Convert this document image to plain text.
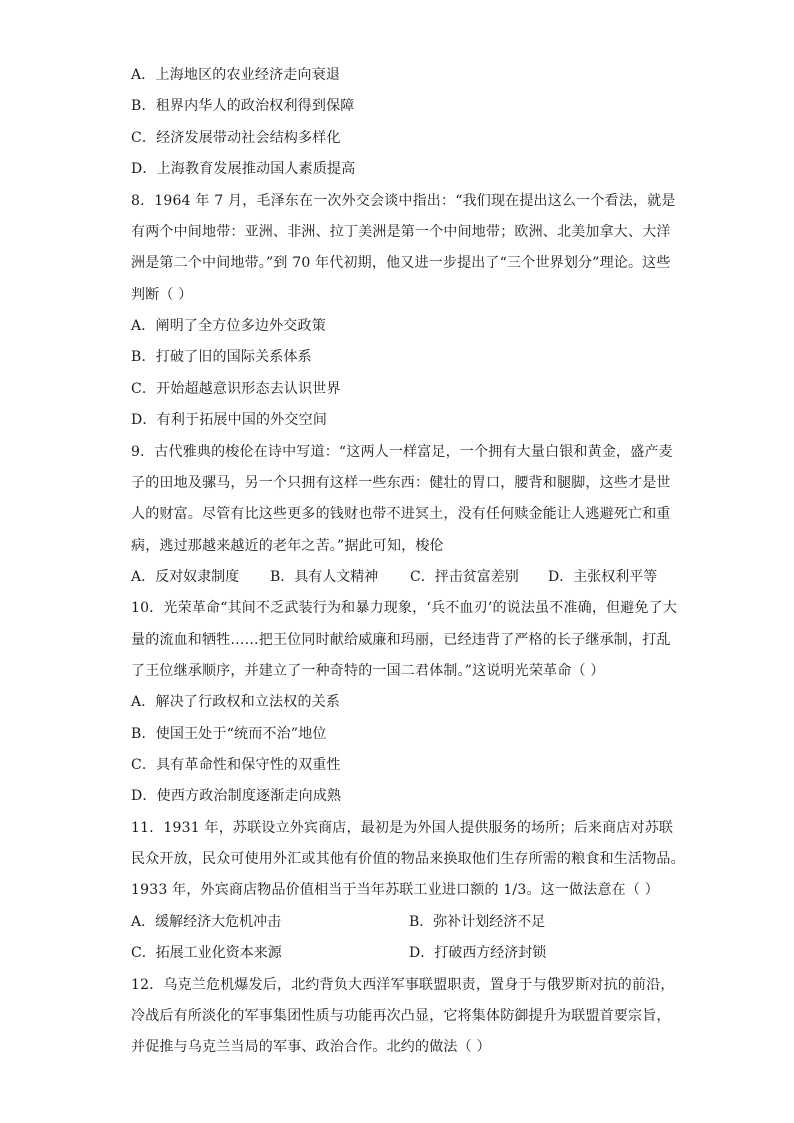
A．上海地区的农业经济走向衰退
B．租界内华人的政治权利得到保障
C．经济发展带动社会结构多样化
D．上海教育发展推动国人素质提高
8．1964 年 7 月，毛泽东在一次外交会谈中指出：“我们现在提出这么一个看法，就是
有两个中间地带：亚洲、非洲、拉丁美洲是第一个中间地带；欧洲、北美加拿大、大洋
洲是第二个中间地带。”到 70 年代初期，他又进一步提出了“三个世界划分”理论。这些
判断（ ）
A．阐明了全方位多边外交政策
B．打破了旧的国际关系体系
C．开始超越意识形态去认识世界
D．有利于拓展中国的外交空间
9．古代雅典的梭伦在诗中写道：“这两人一样富足，一个拥有大量白银和黄金，盛产麦
子的田地及骡马，另一个只拥有这样一些东西：健壮的胃口，腰背和腿脚，这些才是世
人的财富。尽管有比这些更多的钱财也带不进冥土，没有任何赎金能让人逃避死亡和重
病，逃过那越来越近的老年之苦。”据此可知，梭伦
A．反对奴隶制度 B．具有人文精神 C．抨击贫富差别 D．主张权利平等
10．光荣革命“其间不乏武装行为和暴力现象，‘兵不血刃’的说法虽不准确，但避免了大
量的流血和牺牲……把王位同时献给威廉和玛丽，已经违背了严格的长子继承制，打乱
了王位继承顺序，并建立了一种奇特的一国二君体制。”这说明光荣革命（ ）
A．解决了行政权和立法权的关系
B．使国王处于“统而不治”地位
C．具有革命性和保守性的双重性
D．使西方政治制度逐渐走向成熟
11．1931 年，苏联设立外宾商店，最初是为外国人提供服务的场所；后来商店对苏联
民众开放，民众可使用外汇或其他有价值的物品来换取他们生存所需的粮食和生活物品。
1933 年，外宾商店物品价值相当于当年苏联工业进口额的 1/3。这一做法意在（ ）
A．缓解经济大危机冲击	B．弥补计划经济不足
C．拓展工业化资本来源	D．打破西方经济封锁
12．乌克兰危机爆发后，北约背负大西洋军事联盟职责，置身于与俄罗斯对抗的前沿，
冷战后有所淡化的军事集团性质与功能再次凸显，它将集体防御提升为联盟首要宗旨，
并促推与乌克兰当局的军事、政治合作。北约的做法（ ）
